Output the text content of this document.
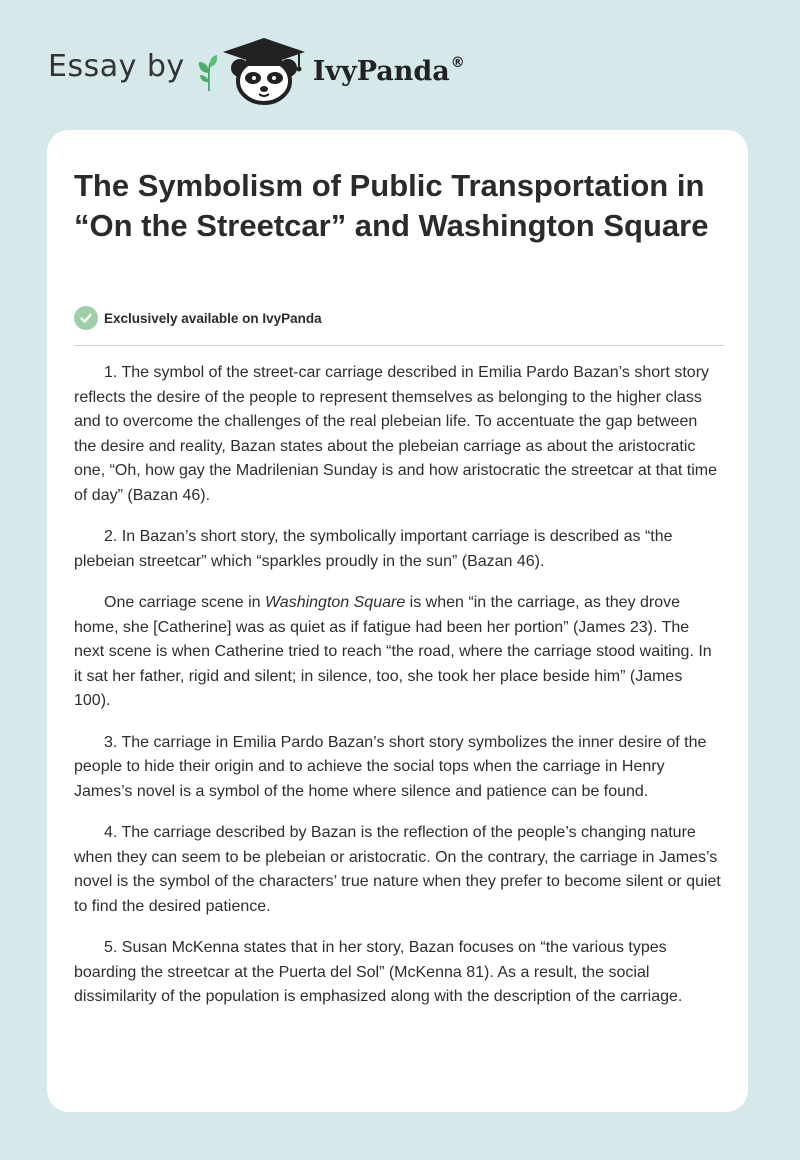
Essay by	IvyPanda®
The Symbolism of Public Transportation in “On the Streetcar” and Washington Square
Exclusively available on IvyPanda

1. The symbol of the street-car carriage described in Emilia Pardo Bazan’s short story reflects the desire of the people to represent themselves as belonging to the higher class and to overcome the challenges of the real plebeian life. To accentuate the gap between the desire and reality, Bazan states about the plebeian carriage as about the aristocratic one, “Oh, how gay the Madrilenian Sunday is and how aristocratic the streetcar at that time of day” (Bazan 46).

2. In Bazan’s short story, the symbolically important carriage is described as “the plebeian streetcar” which “sparkles proudly in the sun” (Bazan 46).

One carriage scene in Washington Square is when “in the carriage, as they drove home, she [Catherine] was as quiet as if fatigue had been her portion” (James 23). The next scene is when Catherine tried to reach “the road, where the carriage stood waiting. In it sat her father, rigid and silent; in silence, too, she took her place beside him” (James 100).

3. The carriage in Emilia Pardo Bazan’s short story symbolizes the inner desire of the people to hide their origin and to achieve the social tops when the carriage in Henry James’s novel is a symbol of the home where silence and patience can be found.

4. The carriage described by Bazan is the reflection of the people’s changing nature when they can seem to be plebeian or aristocratic. On the contrary, the carriage in James’s novel is the symbol of the characters’ true nature when they prefer to become silent or quiet to find the desired patience.

5. Susan McKenna states that in her story, Bazan focuses on “the various types boarding the streetcar at the Puerta del Sol” (McKenna 81). As a result, the social dissimilarity of the population is emphasized along with the description of the carriage.
